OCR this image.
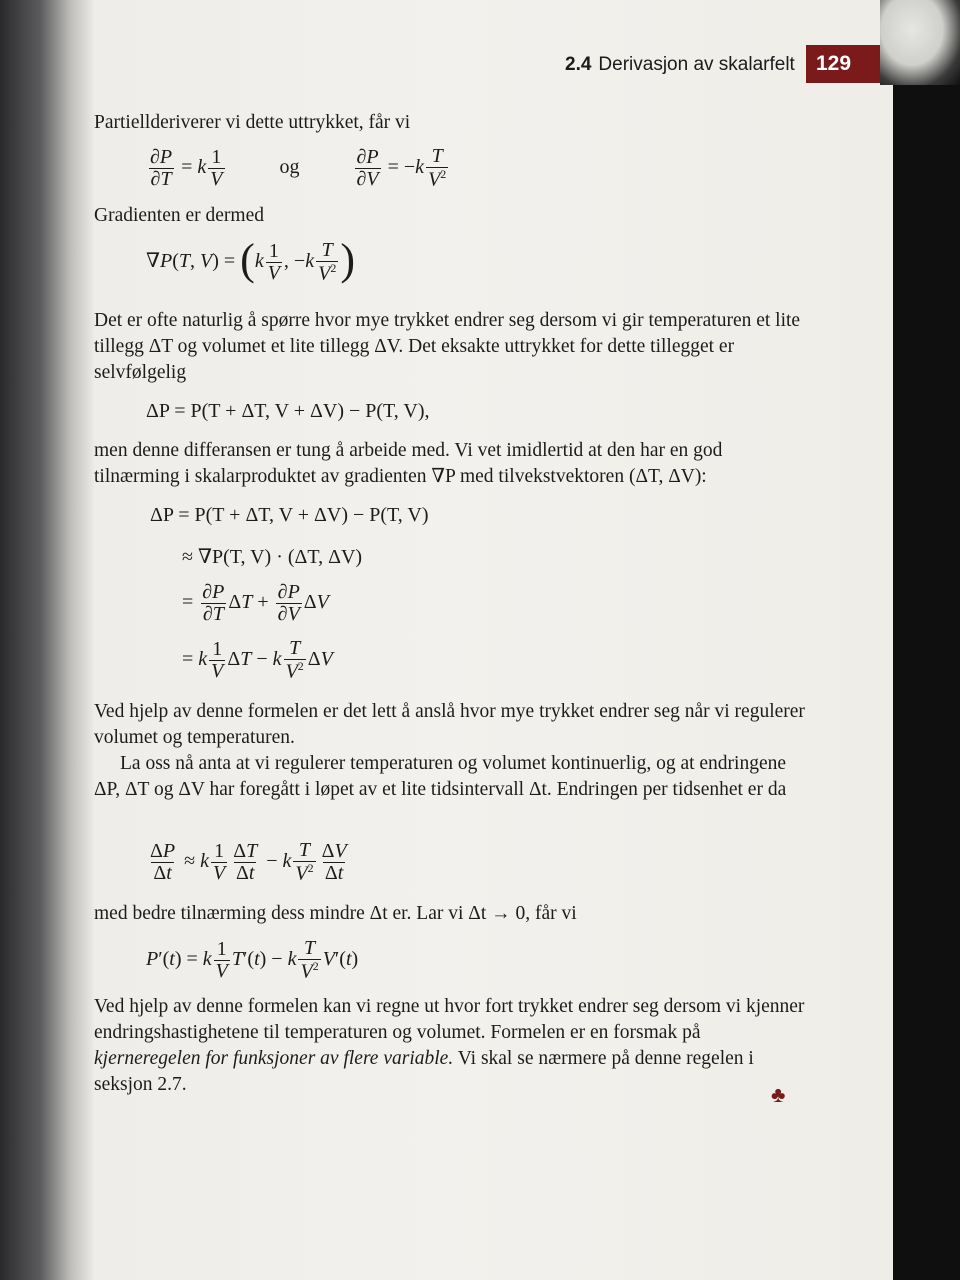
2.4 Derivasjon av skalarfelt	129

Partiellderiverer vi dette uttrykket, får vi

$\frac{\partial P}{\partial T} = k \frac{1}{V}$	og	$\frac{\partial P}{\partial V} = -k \frac{T}{V^2}$

Gradienten er dermed

∇P(T, $V) = (k \frac{1}{V}$ , $-k \frac{T}{V^2}$ )

Det er ofte naturlig å spørre hvor mye trykket endrer seg dersom vi gir temperaturen et lite tillegg ΔT og volumet et lite tillegg ΔV. Det eksakte uttrykket for dette tillegget er selvfølgelig

ΔP = P(T + ΔT, V + ΔV) − P(T, V),

men denne differansen er tung å arbeide med. Vi vet imidlertid at den har en god tilnærming i skalarproduktet av gradienten ∇P med tilvekstvektoren (ΔT, ΔV):

ΔP = P(T + ΔT, V + ΔV) − P(T, V)
≈ ∇P(T, V) · (ΔT, ΔV)
= $\frac{\partial P}{\partial T}$ $\Delta T + \frac{\partial P}{\partial V}$ ΔV
= k $\frac{1}{V}$ ΔT − k $\frac{T}{V^2}$ ΔV

Ved hjelp av denne formelen er det lett å anslå hvor mye trykket endrer seg når vi regulerer volumet og temperaturen.

La oss nå anta at vi regulerer temperaturen og volumet kontinuerlig, og at endringene ΔP, ΔT og ΔV har foregått i løpet av et lite tidsintervall Δt. Endringen per tidsenhet er da

$\frac{\Delta P}{\Delta t} \approx k \frac{1}{V} \frac{\Delta T}{\Delta t} - k \frac{T}{V^2} \frac{\Delta V}{\Delta t}$

med bedre tilnærming dess mindre Δt er. Lar vi Δt → 0, får vi

P′(t) = k $\frac{1}{V} T'(t) - k \frac{T}{V^2} V'(t)$

Ved hjelp av denne formelen kan vi regne ut hvor fort trykket endrer seg dersom vi kjenner endringshastighetene til temperaturen og volumet. Formelen er en forsmak på kjerneregelen for funksjoner av flere variable. Vi skal se nærmere på denne regelen i seksjon 2.7.	♣
